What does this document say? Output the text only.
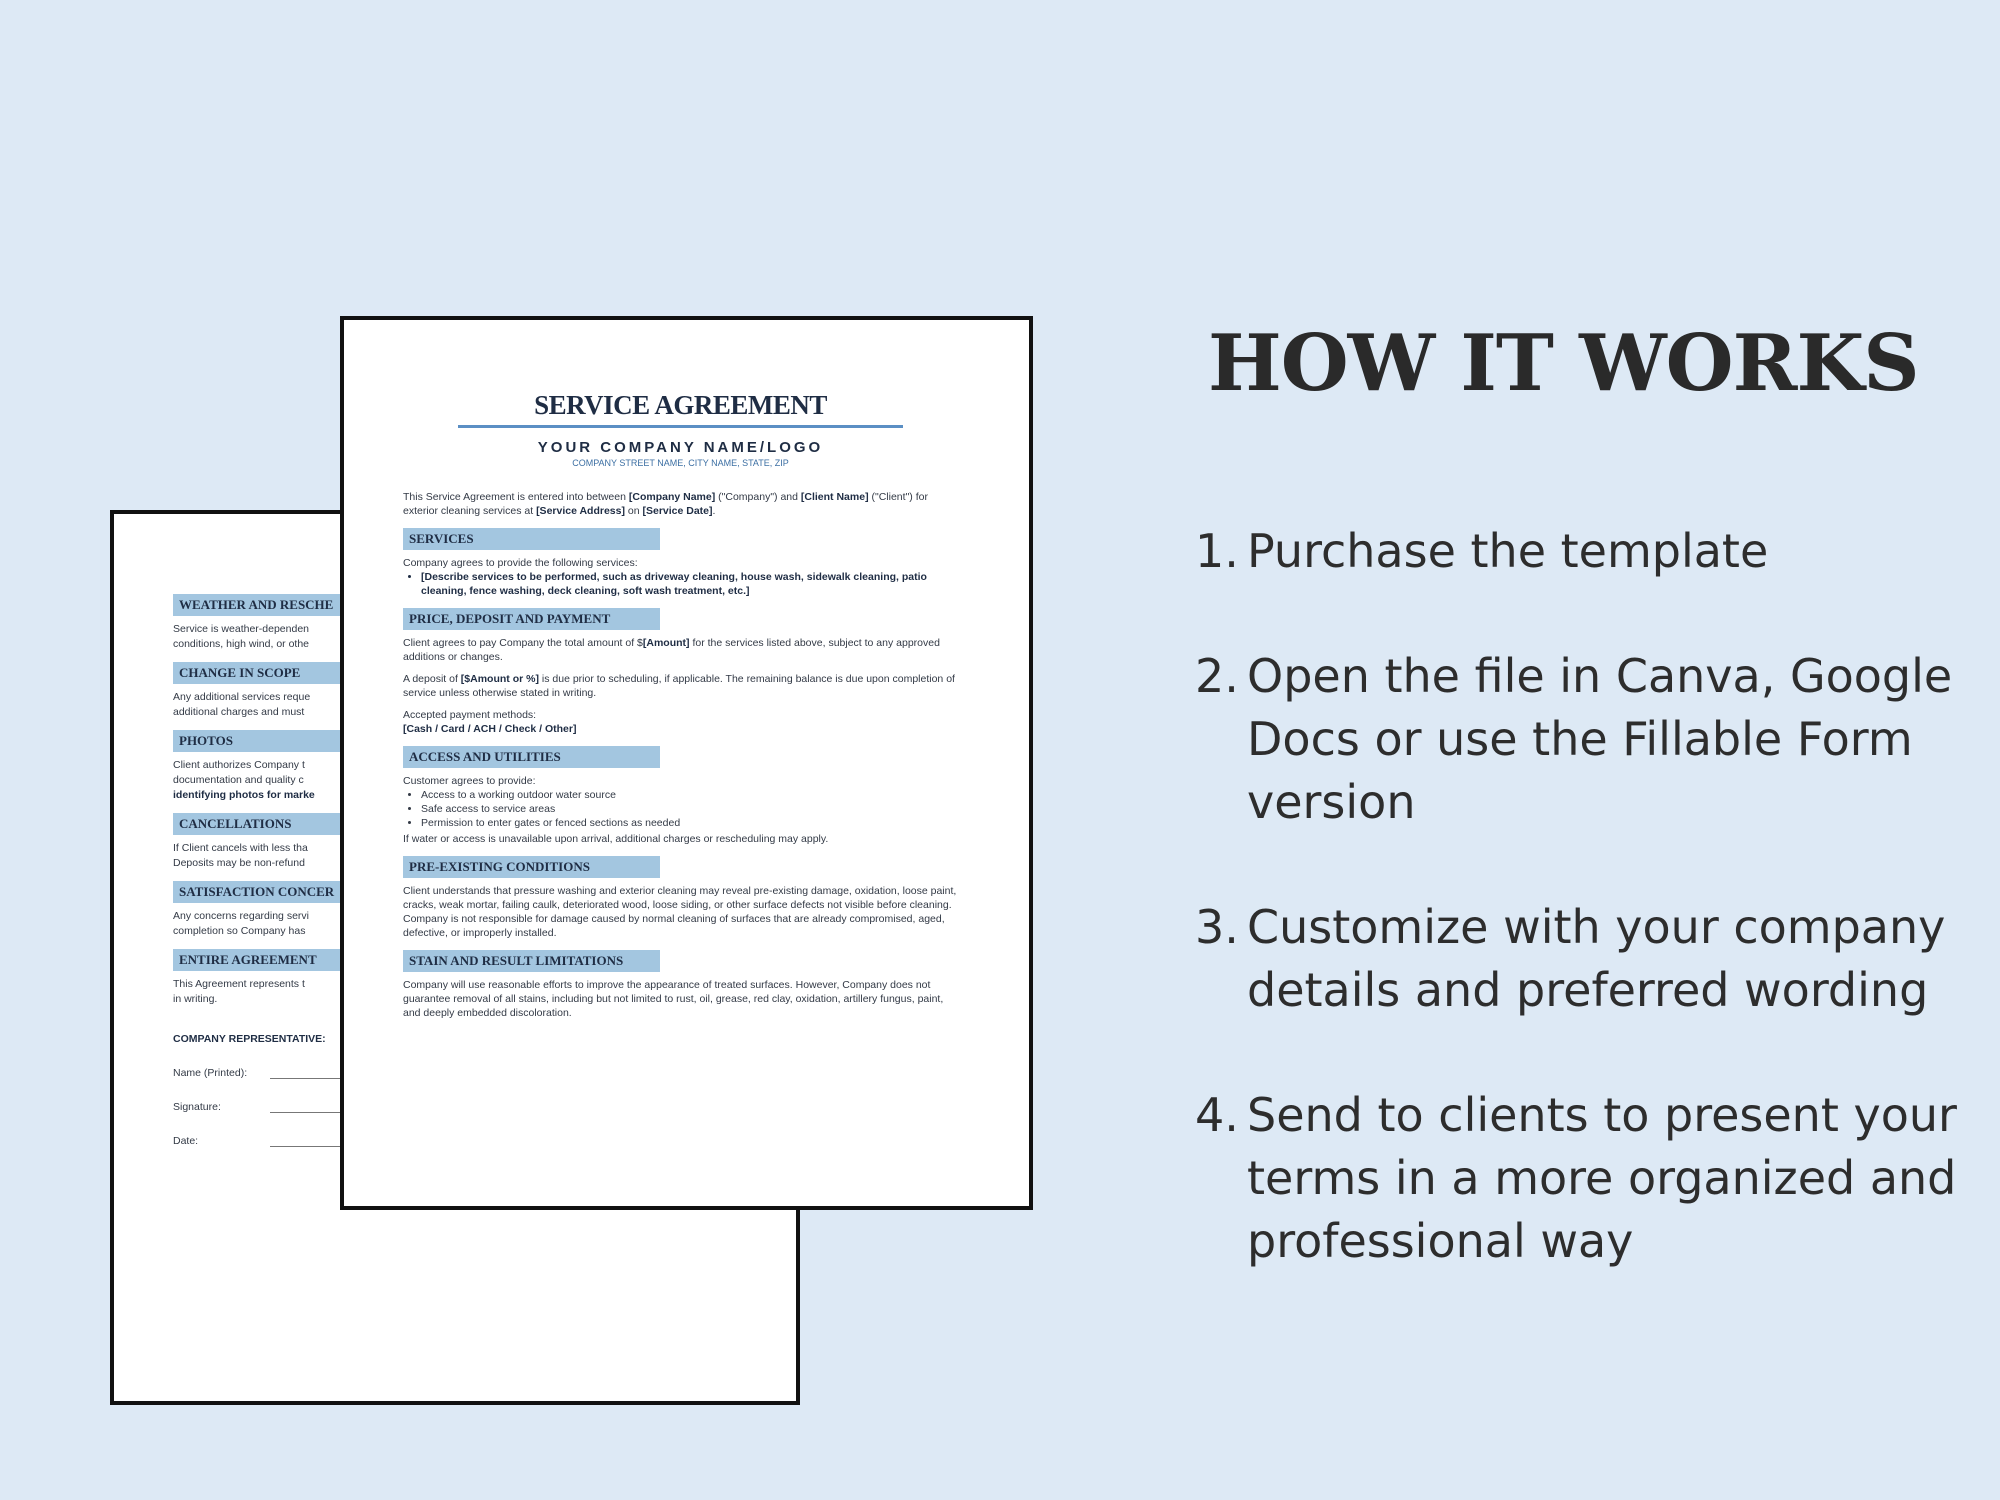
WEATHER AND RESCHE
Service is weather-dependen
conditions, high wind, or othe
CHANGE IN SCOPE
Any additional services reque
additional charges and must
PHOTOS
Client authorizes Company t
documentation and quality c
identifying photos for marke
CANCELLATIONS
If Client cancels with less tha
Deposits may be non-refund
SATISFACTION CONCER
Any concerns regarding servi
completion so Company has
ENTIRE AGREEMENT
This Agreement represents t
in writing.
COMPANY REPRESENTATIVE:
Name (Printed):
Signature:
Date:
SERVICE AGREEMENT
YOUR COMPANY NAME/LOGO
COMPANY STREET NAME, CITY NAME, STATE, ZIP

This Service Agreement is entered into between [Company Name] ("Company") and [Client Name] ("Client") for exterior cleaning services at [Service Address] on [Service Date].

SERVICES
Company agrees to provide the following services:
• [Describe services to be performed, such as driveway cleaning, house wash, sidewalk cleaning, patio cleaning, fence washing, deck cleaning, soft wash treatment, etc.]
PRICE, DEPOSIT AND PAYMENT

Client agrees to pay Company the total amount of $[Amount] for the services listed above, subject to any approved additions or changes.

A deposit of [$Amount or %] is due prior to scheduling, if applicable. The remaining balance is due upon completion of service unless otherwise stated in writing.

Accepted payment methods:
[Cash / Card / ACH / Check / Other]
ACCESS AND UTILITIES
Customer agrees to provide:
• Access to a working outdoor water source
• Safe access to service areas
• Permission to enter gates or fenced sections as needed
If water or access is unavailable upon arrival, additional charges or rescheduling may apply.
PRE-EXISTING CONDITIONS

Client understands that pressure washing and exterior cleaning may reveal pre-existing damage, oxidation, loose paint, cracks, weak mortar, failing caulk, deteriorated wood, loose siding, or other surface defects not visible before cleaning. Company is not responsible for damage caused by normal cleaning of surfaces that are already compromised, aged, defective, or improperly installed.

STAIN AND RESULT LIMITATIONS

Company will use reasonable efforts to improve the appearance of treated surfaces. However, Company does not guarantee removal of all stains, including but not limited to rust, oil, grease, red clay, oxidation, artillery fungus, paint, and deeply embedded discoloration.

HOW IT WORKS
1. Purchase the template
2. Open the file in Canva, Google Docs or use the Fillable Form version
3. Customize with your company details and preferred wording
4. Send to clients to present your terms in a more organized and professional way
